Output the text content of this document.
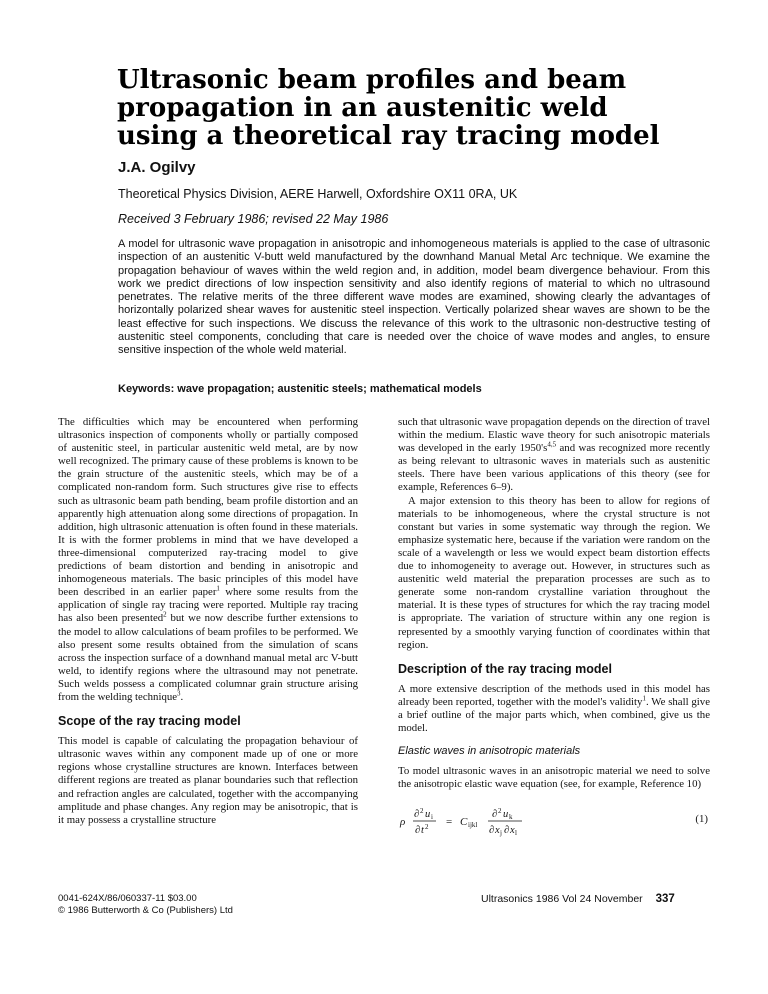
Ultrasonic beam profiles and beam propagation in an austenitic weld using a theoretical ray tracing model

J.A. Ogilvy

Theoretical Physics Division, AERE Harwell, Oxfordshire OX11 0RA, UK

Received 3 February 1986; revised 22 May 1986

A model for ultrasonic wave propagation in anisotropic and inhomogeneous materials is applied to the case of ultrasonic inspection of an austenitic V-butt weld manufactured by the downhand Manual Metal Arc technique. We examine the propagation behaviour of waves within the weld region and, in addition, model beam divergence behaviour. From this work we predict directions of low inspection sensitivity and also identify regions of material to which no ultrasound penetrates. The relative merits of the three different wave modes are examined, showing clearly the advantages of horizontally polarized shear waves for austenitic steel inspection. Vertically polarized shear waves are shown to be the least effective for such inspections. We discuss the relevance of this work to the ultrasonic non-destructive testing of austenitic steel components, concluding that care is needed over the choice of wave modes and angles, to ensure sensitive inspection of the whole weld material.

Keywords: wave propagation; austenitic steels; mathematical models

The difficulties which may be encountered when performing ultrasonics inspection of components wholly or partially composed of austenitic steel, in particular austenitic weld metal, are by now well recognized. The primary cause of these problems is known to be the grain structure of the austenitic steels, which may be of a complicated non-random form. Such structures give rise to effects such as ultrasonic beam path bending, beam profile distortion and an apparently high attenuation along some directions of propagation. In addition, high ultrasonic attenuation is often found in these materials. It is with the former problems in mind that we have developed a three-dimensional computerized ray-tracing model to give predictions of beam distortion and bending in anisotropic and inhomogeneous materials. The basic principles of this model have been described in an earlier paper$^1$ where some results from the application of single ray tracing were reported. Multiple ray tracing has also been presented$^2$ but we now describe further extensions to the model to allow calculations of beam profiles to be performed. We also present some results obtained from the simulation of scans across the inspection surface of a downhand manual metal arc V-butt weld, to identify regions where the ultrasound may not penetrate. Such welds possess a complicated columnar grain structure arising from the welding technique$^3$.

Scope of the ray tracing model

This model is capable of calculating the propagation behaviour of ultrasonic waves within any component made up of one or more regions whose crystalline structures are known. Interfaces between different regions are treated as planar boundaries such that reflection and refraction angles are calculated, together with the accompanying amplitude and phase changes. Any region may be anisotropic, that is it may possess a crystalline structure

such that ultrasonic wave propagation depends on the direction of travel within the medium. Elastic wave theory for such anisotropic materials was developed in the early $1950's^{4,5}$ and was recognized more recently as being relevant to ultrasonic waves in materials such as austenitic steels. There have been various applications of this theory (see for example, References 6–9).

A major extension to this theory has been to allow for regions of materials to be inhomogeneous, where the crystal structure is not constant but varies in some systematic way through the region. We emphasize systematic here, because if the variation were random on the scale of a wavelength or less we would expect beam distortion effects due to inhomogeneity to average out. However, in structures such as austenitic weld material the preparation processes are such as to generate some non-random crystalline variation throughout the material. It is these types of structures for which the ray tracing model is appropriate. The variation of structure within any one region is represented by a smoothly varying function of coordinates within that region.

Description of the ray tracing model

A more extensive description of the methods used in this model has already been reported, together with the model's validity$^1$. We shall give a brief outline of the major parts which, when combined, give us the model.

Elastic waves in anisotropic materials

To model ultrasonic waves in an anisotropic material we need to solve the anisotropic elastic wave equation (see, for example, Reference 10)

ρ
∂ 2 u i
∂ t 2 = C ijkl
∂ 2 u k
∂ x j ∂ x l
(1)

0041-624X/86/060337-11 $03.00
© 1986 Butterworth & Co (Publishers) Ltd

Ultrasonics 1986 Vol 24 November 337
